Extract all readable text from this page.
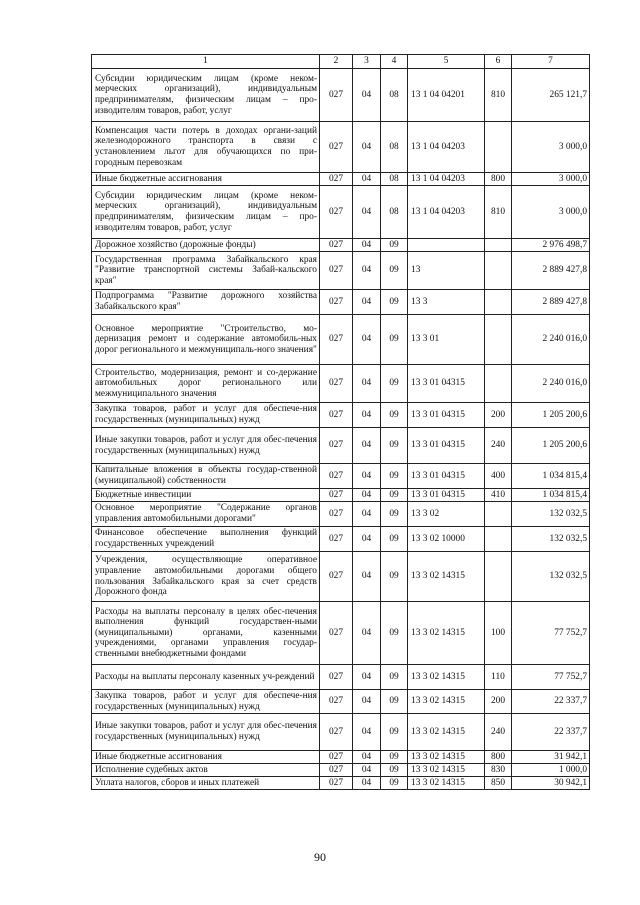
1	2	3	4	5	6	7
Субсидии юридическим лицам (кроме неком-мерческих организаций), индивидуальным предпринимателям, физическим лицам – про-изводителям товаров, работ, услуг	027	04	08	13 1 04 04201	810	265 121,7
Компенсация части потерь в доходах органи-заций железнодорожного транспорта в связи с установлением льгот для обучающихся по при-городным перевозкам	027	04	08	13 1 04 04203		3 000,0
Иные бюджетные ассигнования	027	04	08	13 1 04 04203	800	3 000,0
Субсидии юридическим лицам (кроме неком-мерческих организаций), индивидуальным предпринимателям, физическим лицам – про-изводителям товаров, работ, услуг	027	04	08	13 1 04 04203	810	3 000,0
Дорожное хозяйство (дорожные фонды)	027	04	09			2 976 498,7
Государственная программа Забайкальского края "Развитие транспортной системы Забай-кальского края"	027	04	09	13		2 889 427,8
Подпрограмма "Развитие дорожного хозяйства Забайкальского края"	027	04	09	13 3		2 889 427,8
Основное мероприятие "Строительство, мо-дернизация ремонт и содержание автомобиль-ных дорог регионального и межмуниципаль-ного значения"	027	04	09	13 3 01		2 240 016,0
Строительство, модернизация, ремонт и со-держание автомобильных дорог регионального или межмуниципального значения	027	04	09	13 3 01 04315		2 240 016,0
Закупка товаров, работ и услуг для обеспече-ния государственных (муниципальных) нужд	027	04	09	13 3 01 04315	200	1 205 200,6
Иные закупки товаров, работ и услуг для обес-печения государственных (муниципальных) нужд	027	04	09	13 3 01 04315	240	1 205 200,6
Капитальные вложения в объекты государ-ственной (муниципальной) собственности	027	04	09	13 3 01 04315	400	1 034 815,4
Бюджетные инвестиции	027	04	09	13 3 01 04315	410	1 034 815,4
Основное мероприятие "Содержание органов управления автомобильными дорогами"	027	04	09	13 3 02		132 032,5
Финансовое обеспечение выполнения функций государственных учреждений	027	04	09	13 3 02 10000		132 032,5
Учреждения, осуществляющие оперативное управление автомобильными дорогами общего пользования Забайкальского края за счет средств Дорожного фонда	027	04	09	13 3 02 14315		132 032,5
Расходы на выплаты персоналу в целях обес-печения выполнения функций государствен-ными (муниципальными) органами, казенными учреждениями, органами управления государ-ственными внебюджетными фондами	027	04	09	13 3 02 14315	100	77 752,7
Расходы на выплаты персоналу казенных уч-реждений	027	04	09	13 3 02 14315	110	77 752,7
Закупка товаров, работ и услуг для обеспече-ния государственных (муниципальных) нужд	027	04	09	13 3 02 14315	200	22 337,7
Иные закупки товаров, работ и услуг для обес-печения государственных (муниципальных) нужд	027	04	09	13 3 02 14315	240	22 337,7
Иные бюджетные ассигнования	027	04	09	13 3 02 14315	800	31 942,1
Исполнение судебных актов	027	04	09	13 3 02 14315	830	1 000,0
Уплата налогов, сборов и иных платежей	027	04	09	13 3 02 14315	850	30 942,1
90
